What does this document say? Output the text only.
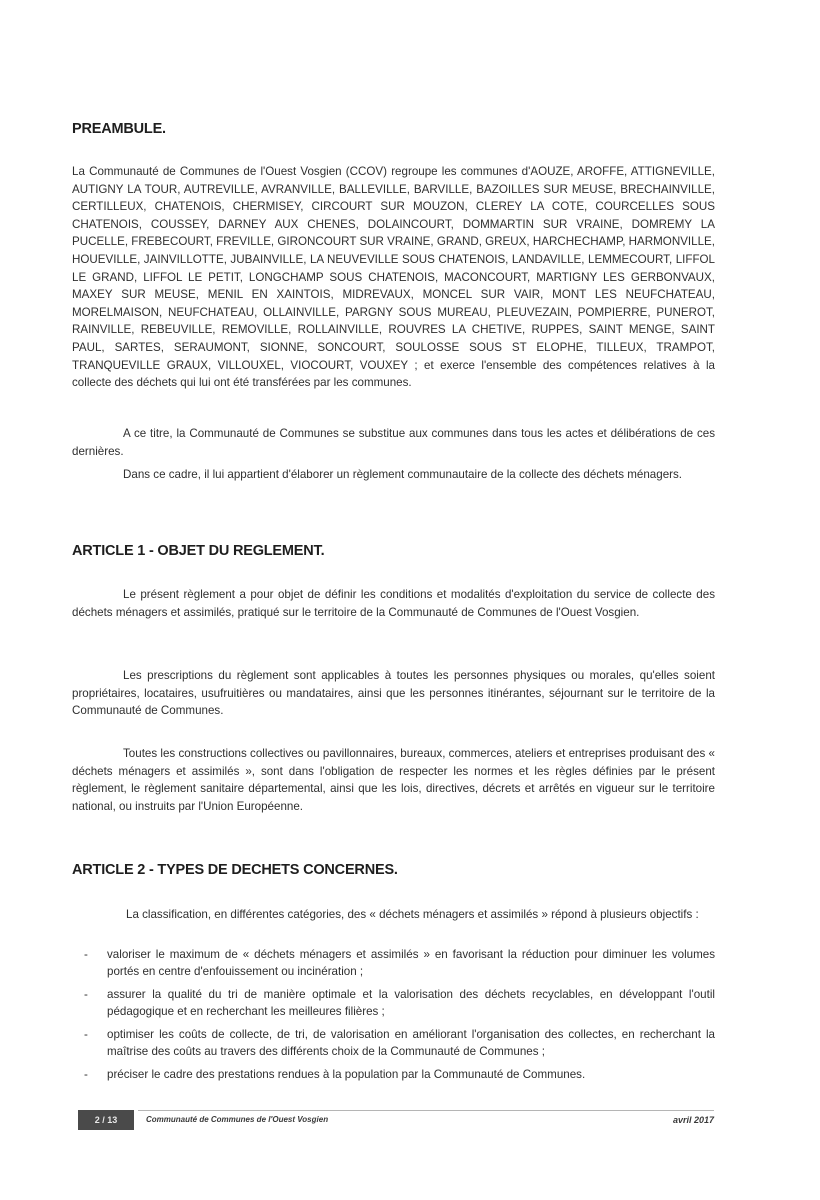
PREAMBULE.
La Communauté de Communes de l'Ouest Vosgien (CCOV) regroupe les communes d'AOUZE, AROFFE, ATTIGNEVILLE, AUTIGNY LA TOUR, AUTREVILLE, AVRANVILLE, BALLEVILLE, BARVILLE, BAZOILLES SUR MEUSE, BRECHAINVILLE, CERTILLEUX, CHATENOIS, CHERMISEY, CIRCOURT SUR MOUZON, CLEREY LA COTE, COURCELLES SOUS CHATENOIS, COUSSEY, DARNEY AUX CHENES, DOLAINCOURT, DOMMARTIN SUR VRAINE, DOMREMY LA PUCELLE, FREBECOURT, FREVILLE, GIRONCOURT SUR VRAINE, GRAND, GREUX, HARCHECHAMP, HARMONVILLE, HOUEVILLE, JAINVILLOTTE, JUBAINVILLE, LA NEUVEVILLE SOUS CHATENOIS, LANDAVILLE, LEMMECOURT, LIFFOL LE GRAND, LIFFOL LE PETIT, LONGCHAMP SOUS CHATENOIS, MACONCOURT, MARTIGNY LES GERBONVAUX, MAXEY SUR MEUSE, MENIL EN XAINTOIS, MIDREVAUX, MONCEL SUR VAIR, MONT LES NEUFCHATEAU, MORELMAISON, NEUFCHATEAU, OLLAINVILLE, PARGNY SOUS MUREAU, PLEUVEZAIN, POMPIERRE, PUNEROT, RAINVILLE, REBEUVILLE, REMOVILLE, ROLLAINVILLE, ROUVRES LA CHETIVE, RUPPES, SAINT MENGE, SAINT PAUL, SARTES, SERAUMONT, SIONNE, SONCOURT, SOULOSSE SOUS ST ELOPHE, TILLEUX, TRAMPOT, TRANQUEVILLE GRAUX, VILLOUXEL, VIOCOURT, VOUXEY ; et exerce l'ensemble des compétences relatives à la collecte des déchets qui lui ont été transférées par les communes.
A ce titre, la Communauté de Communes se substitue aux communes dans tous les actes et délibérations de ces dernières.
Dans ce cadre, il lui appartient d'élaborer un règlement communautaire de la collecte des déchets ménagers.
ARTICLE 1 - OBJET DU REGLEMENT.
Le présent règlement a pour objet de définir les conditions et modalités d'exploitation du service de collecte des déchets ménagers et assimilés, pratiqué sur le territoire de la Communauté de Communes de l'Ouest Vosgien.
Les prescriptions du règlement sont applicables à toutes les personnes physiques ou morales, qu'elles soient propriétaires, locataires, usufruitières ou mandataires, ainsi que les personnes itinérantes, séjournant sur le territoire de la Communauté de Communes.
Toutes les constructions collectives ou pavillonnaires, bureaux, commerces, ateliers et entreprises produisant des « déchets ménagers et assimilés », sont dans l'obligation de respecter les normes et les règles définies par le présent règlement, le règlement sanitaire départemental, ainsi que les lois, directives, décrets et arrêtés en vigueur sur le territoire national, ou instruits par l'Union Européenne.
ARTICLE 2 - TYPES DE DECHETS CONCERNES.
La classification, en différentes catégories, des « déchets ménagers et assimilés » répond à plusieurs objectifs :
- valoriser le maximum de « déchets ménagers et assimilés » en favorisant la réduction pour diminuer les volumes portés en centre d'enfouissement ou incinération ;
- assurer la qualité du tri de manière optimale et la valorisation des déchets recyclables, en développant l'outil pédagogique et en recherchant les meilleures filières ;
- optimiser les coûts de collecte, de tri, de valorisation en améliorant l'organisation des collectes, en recherchant la maîtrise des coûts au travers des différents choix de la Communauté de Communes ;
- préciser le cadre des prestations rendues à la population par la Communauté de Communes.
2 / 13	Communauté de Communes de l'Ouest Vosgien	avril 2017
